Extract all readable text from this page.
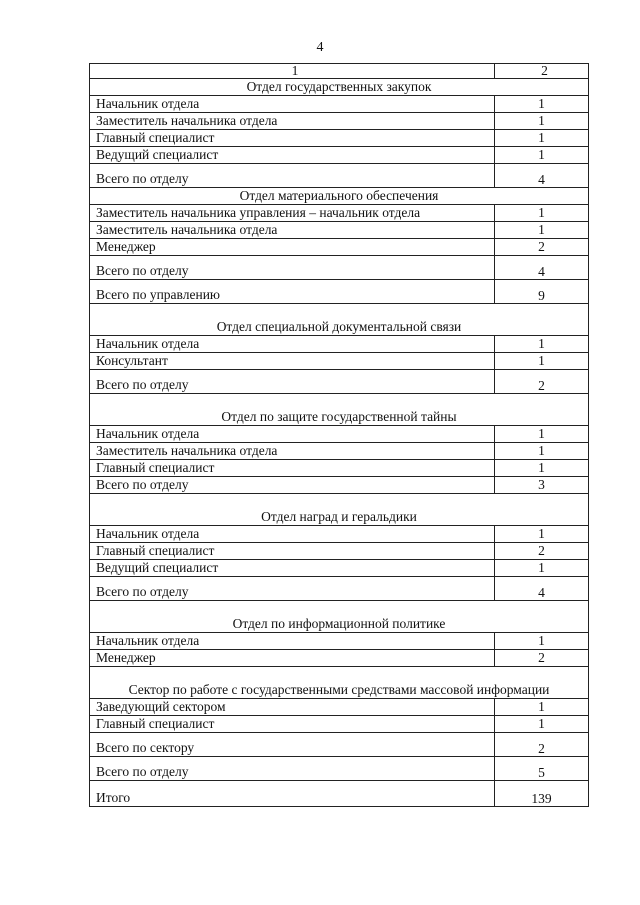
4
1	2
Отдел государственных закупок	
Начальник отдела	1
Заместитель начальника отдела	1
Главный специалист	1
Ведущий специалист	1
Всего по отделу	4
Отдел материального обеспечения	
Заместитель начальника управления – начальник отдела	1
Заместитель начальника отдела	1
Менеджер	2
Всего по отделу	4
Всего по управлению	9
Отдел специальной документальной связи	
Начальник отдела	1
Консультант	1
Всего по отделу	2
Отдел по защите государственной тайны	
Начальник отдела	1
Заместитель начальника отдела	1
Главный специалист	1
Всего по отделу	3
Отдел наград и геральдики	
Начальник отдела	1
Главный специалист	2
Ведущий специалист	1
Всего по отделу	4
Отдел по информационной политике	
Начальник отдела	1
Менеджер	2
Сектор по работе с государственными средствами массовой информации	
Заведующий сектором	1
Главный специалист	1
Всего по сектору	2
Всего по отделу	5
Итого	139
